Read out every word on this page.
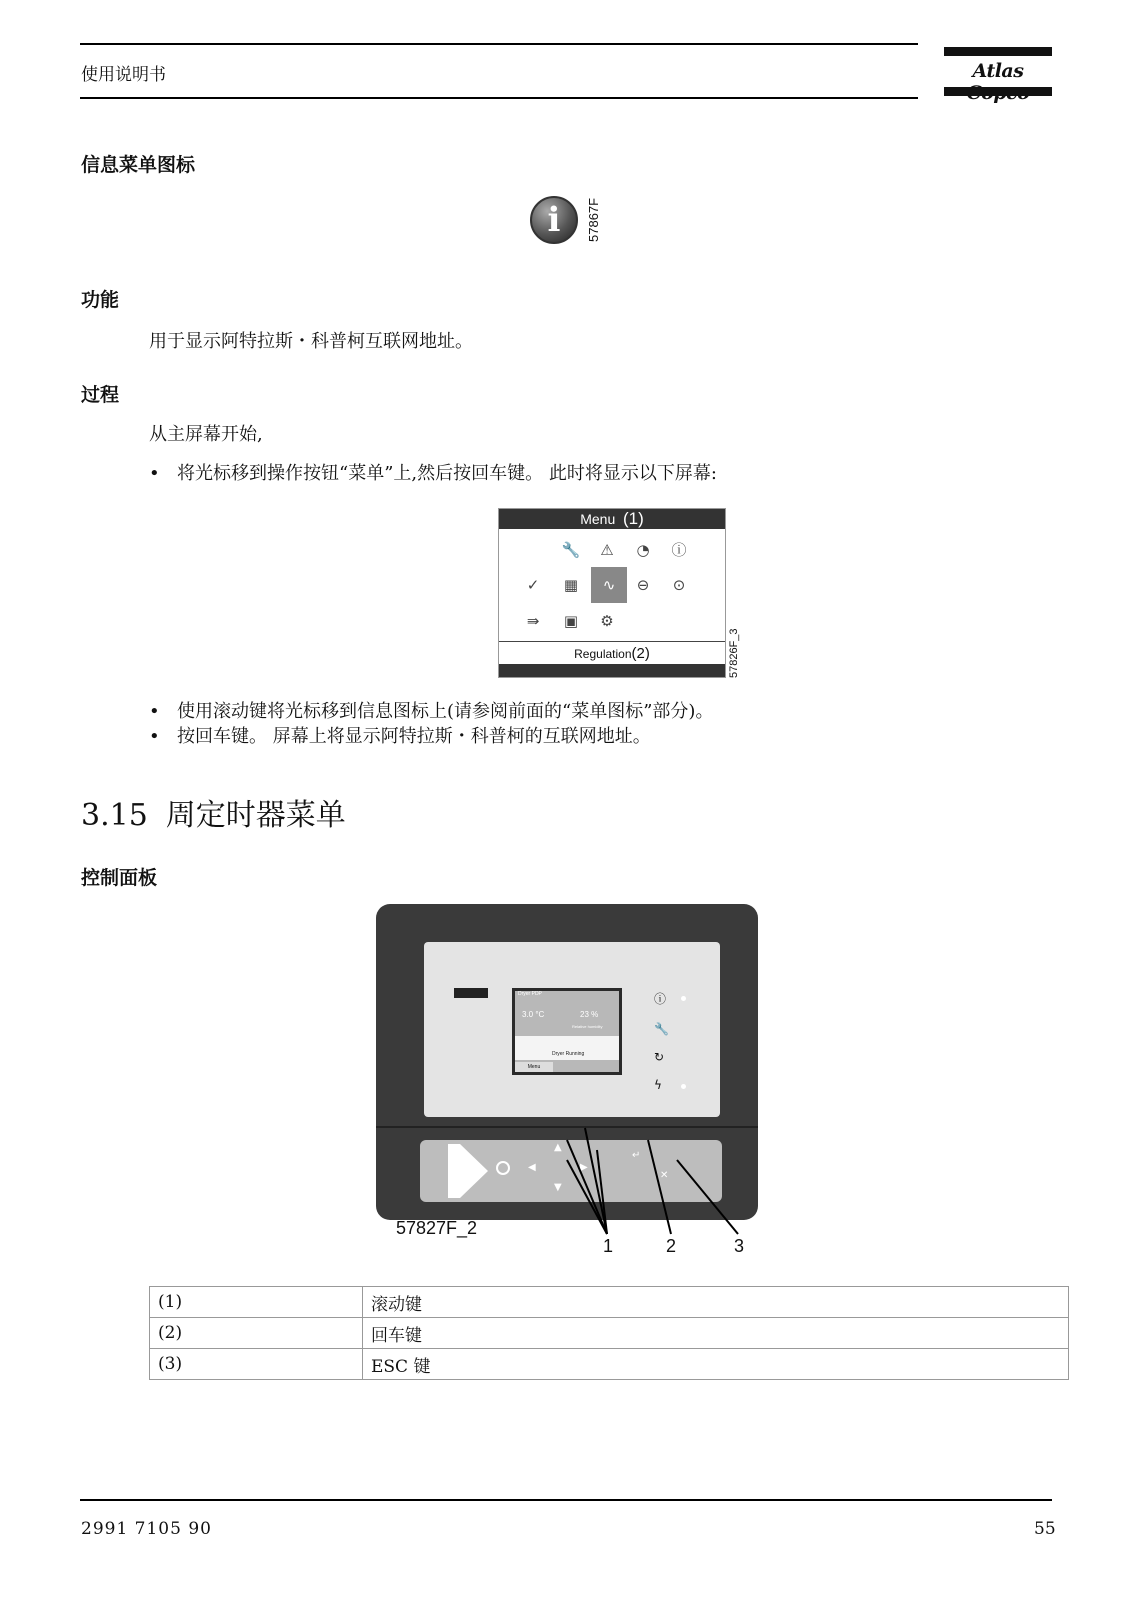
使用说明书	Atlas
信息菜单图标
i	57867F
功能
用于显示阿特拉斯・科普柯互联网地址。
过程
从主屏幕开始,
• 将光标移到操作按钮“菜单”上,然后按回车键。 此时将显示以下屏幕:
Menu (1)
🔧	⚠	◔	ⓘ
✓	▦	∿	⊖	⊙
⇛	▣	⚙
Regulation(2)	57826F_3
• 使用滚动键将光标移到信息图标上(请参阅前面的“菜单图标”部分)。
• 按回车键。 屏幕上将显示阿特拉斯・科普柯的互联网地址。
3.15 周定时器菜单
控制面板
Dryer PDP
3.0 °C	23 %
Relative humidity
Dryer Running
Menu
ⓘ
🔧
↻
ϟ
◀
▲
▶
▼
↵
✕
57827F_2
1	2	3
(1)	滚动键
(2)	回车键
(3)	ESC 键
2991 7105 90	55
